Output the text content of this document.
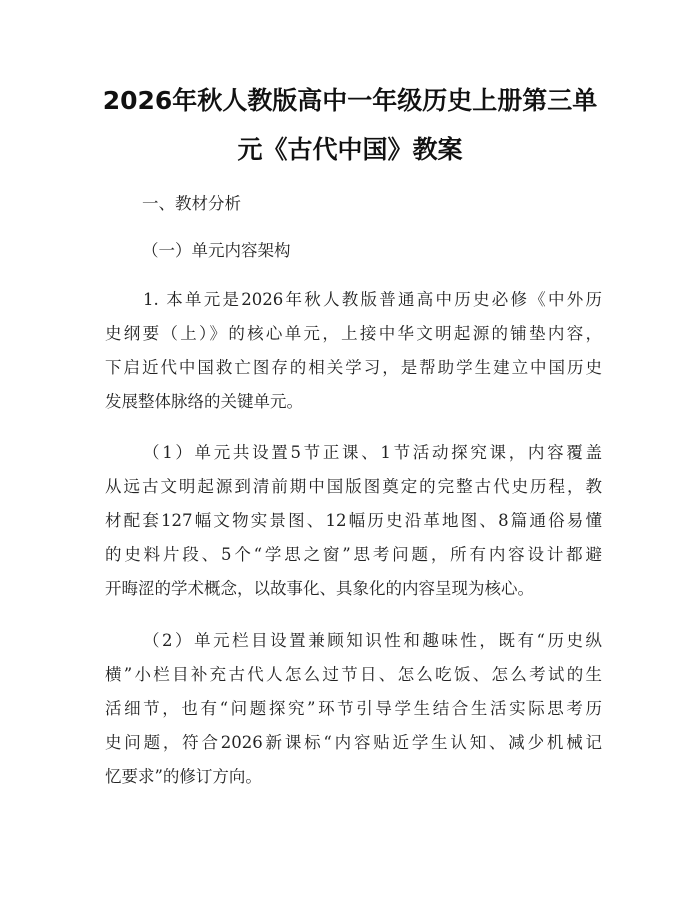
2026年秋人教版高中一年级历史上册第三单
元《古代中国》教案
一、教材分析
（一）单元内容架构
1. 本单元是2026年秋人教版普通高中历史必修《中外历
史纲要（上）》的核心单元，上接中华文明起源的铺垫内容，
下启近代中国救亡图存的相关学习，是帮助学生建立中国历史
发展整体脉络的关键单元。
（1）单元共设置5节正课、1节活动探究课，内容覆盖
从远古文明起源到清前期中国版图奠定的完整古代史历程，教
材配套127幅文物实景图、12幅历史沿革地图、8篇通俗易懂
的史料片段、5个“学思之窗”思考问题，所有内容设计都避
开晦涩的学术概念，以故事化、具象化的内容呈现为核心。
（2）单元栏目设置兼顾知识性和趣味性，既有“历史纵
横”小栏目补充古代人怎么过节日、怎么吃饭、怎么考试的生
活细节，也有“问题探究”环节引导学生结合生活实际思考历
史问题，符合2026新课标“内容贴近学生认知、减少机械记
忆要求”的修订方向。
